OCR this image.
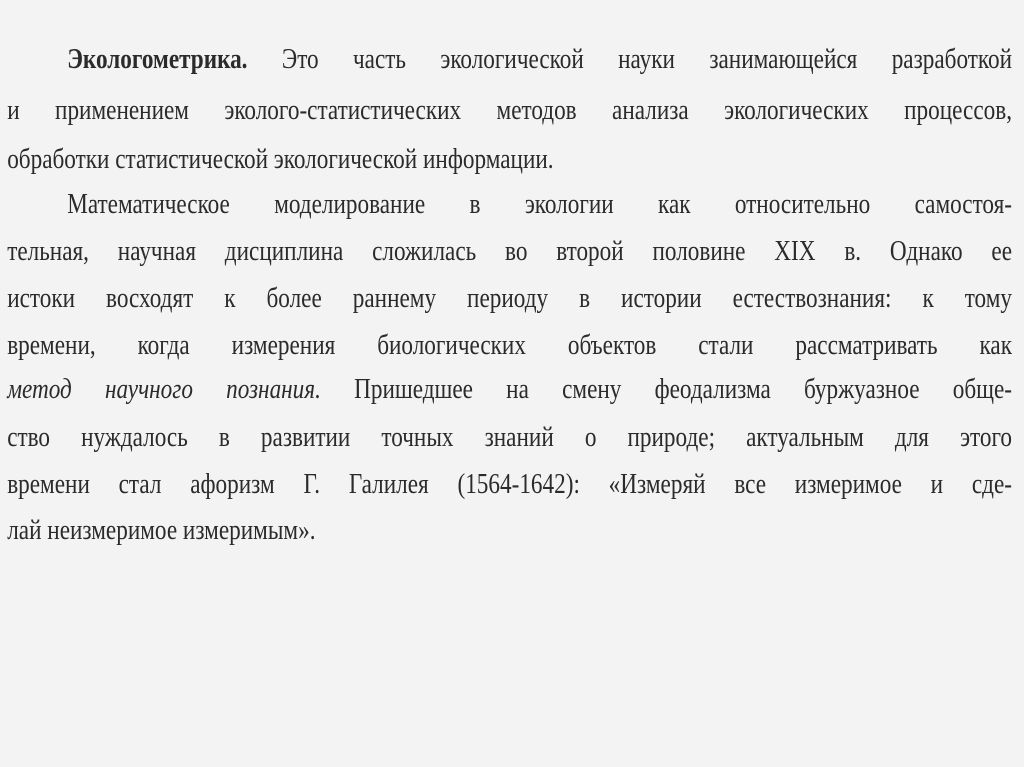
Экологометрика. Это часть экологической науки занимающейся разработкой
и применением эколого-статистических методов анализа экологических процессов,
обработки статистической экологической информации.
Математическое моделирование в экологии как относительно самостоя-
тельная, научная дисциплина сложилась во второй половине XIX в. Однако ее
истоки восходят к более раннему периоду в истории естествознания: к тому
времени, когда измерения биологических объектов стали рассматривать как
метод научного познания. Пришедшее на смену феодализма буржуазное обще-
ство нуждалось в развитии точных знаний о природе; актуальным для этого
времени стал афоризм Г. Галилея (1564-1642): «Измеряй все измеримое и сде-
лай неизмеримое измеримым».
